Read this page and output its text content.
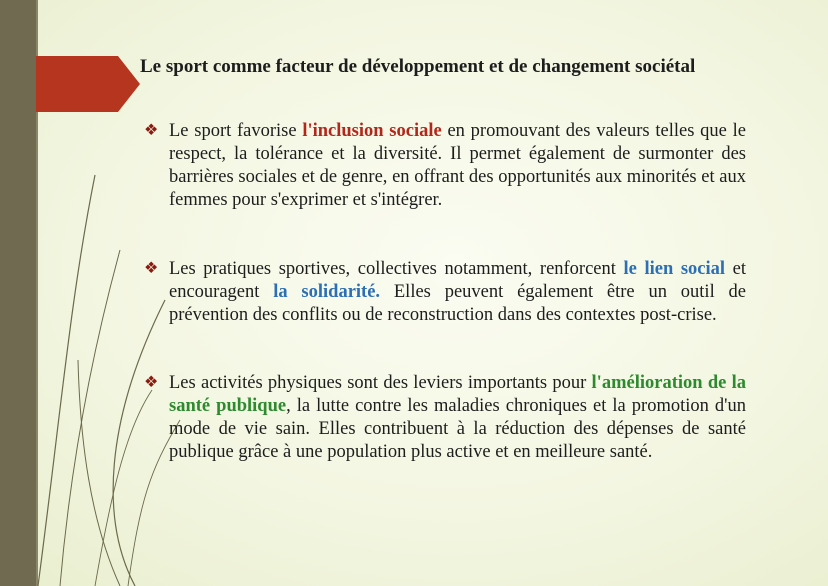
Le sport comme facteur de développement et de changement sociétal
❖ Le sport favorise l'inclusion sociale en promouvant des valeurs telles que le respect, la tolérance et la diversité. Il permet également de surmonter des barrières sociales et de genre, en offrant des opportunités aux minorités et aux femmes pour s'exprimer et s'intégrer.
❖ Les pratiques sportives, collectives notamment, renforcent le lien social et encouragent la solidarité. Elles peuvent également être un outil de prévention des conflits ou de reconstruction dans des contextes post-crise.
❖ Les activités physiques sont des leviers importants pour l'amélioration de la santé publique, la lutte contre les maladies chroniques et la promotion d'un mode de vie sain. Elles contribuent à la réduction des dépenses de santé publique grâce à une population plus active et en meilleure santé.
